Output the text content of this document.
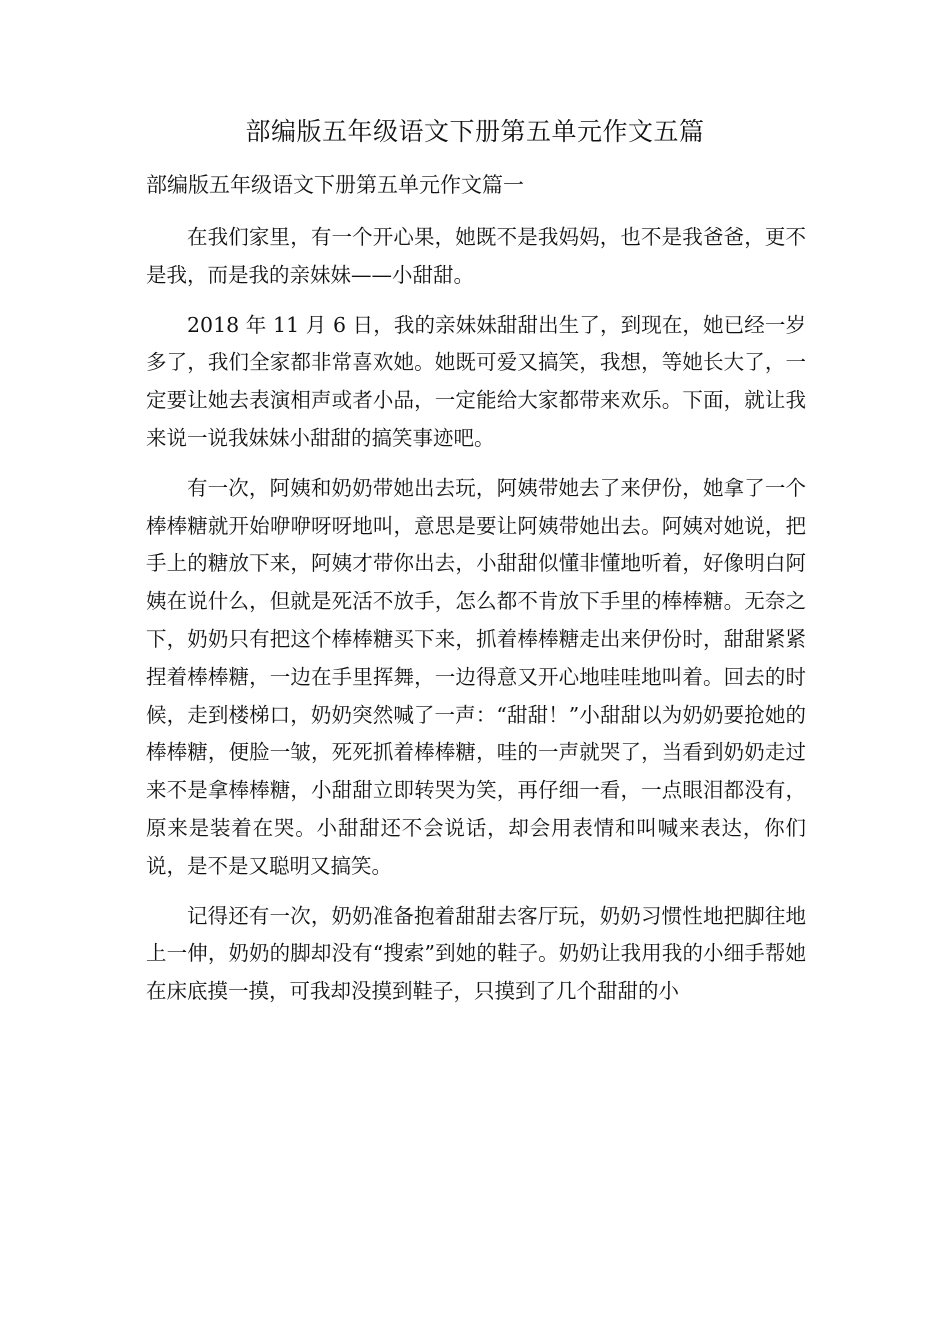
部编版五年级语文下册第五单元作文五篇
部编版五年级语文下册第五单元作文篇一

在我们家里，有一个开心果，她既不是我妈妈，也不是我爸爸，更不是我，而是我的亲妹妹——小甜甜。

2018 年 11 月 6 日，我的亲妹妹甜甜出生了，到现在，她已经一岁多了，我们全家都非常喜欢她。她既可爱又搞笑，我想，等她长大了，一定要让她去表演相声或者小品，一定能给大家都带来欢乐。下面，就让我来说一说我妹妹小甜甜的搞笑事迹吧。

有一次，阿姨和奶奶带她出去玩，阿姨带她去了来伊份，她拿了一个棒棒糖就开始咿咿呀呀地叫，意思是要让阿姨带她出去。阿姨对她说，把手上的糖放下来，阿姨才带你出去，小甜甜似懂非懂地听着，好像明白阿姨在说什么，但就是死活不放手，怎么都不肯放下手里的棒棒糖。无奈之下，奶奶只有把这个棒棒糖买下来，抓着棒棒糖走出来伊份时，甜甜紧紧捏着棒棒糖，一边在手里挥舞，一边得意又开心地哇哇地叫着。回去的时候，走到楼梯口，奶奶突然喊了一声：“甜甜！”小甜甜以为奶奶要抢她的棒棒糖，便脸一皱，死死抓着棒棒糖，哇的一声就哭了，当看到奶奶走过来不是拿棒棒糖，小甜甜立即转哭为笑，再仔细一看，一点眼泪都没有，原来是装着在哭。小甜甜还不会说话，却会用表情和叫喊来表达，你们说，是不是又聪明又搞笑。

记得还有一次，奶奶准备抱着甜甜去客厅玩，奶奶习惯性地把脚往地上一伸，奶奶的脚却没有“搜索”到她的鞋子。奶奶让我用我的小细手帮她在床底摸一摸，可我却没摸到鞋子，只摸到了几个甜甜的小
